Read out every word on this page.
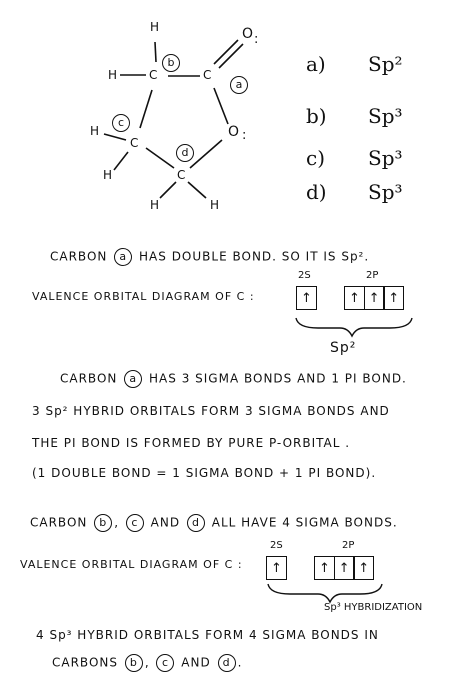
H
H	C	C
O
O
H
C
H	C
H	H
:
:
b
a
c
d
a) Sp²
b) Sp³
c) Sp³
d) Sp³
CARBON a HAS DOUBLE BOND. SO IT IS Sp².
VALENCE ORBITAL DIAGRAM OF C :
2S	2P
↑	↑ ↑ ↑
Sp²
CARBON a HAS 3 SIGMA BONDS AND 1 PI BOND.
3 Sp² HYBRID ORBITALS FORM 3 SIGMA BONDS AND
THE PI BOND IS FORMED BY PURE P-ORBITAL .
(1 DOUBLE BOND = 1 SIGMA BOND + 1 PI BOND).
CARBON b , c AND d ALL HAVE 4 SIGMA BONDS.
VALENCE ORBITAL DIAGRAM OF C :
2S	2P
↑	↑ ↑ ↑
Sp³ HYBRIDIZATION
4 Sp³ HYBRID ORBITALS FORM 4 SIGMA BONDS IN
CARBONS b , c AND d .
